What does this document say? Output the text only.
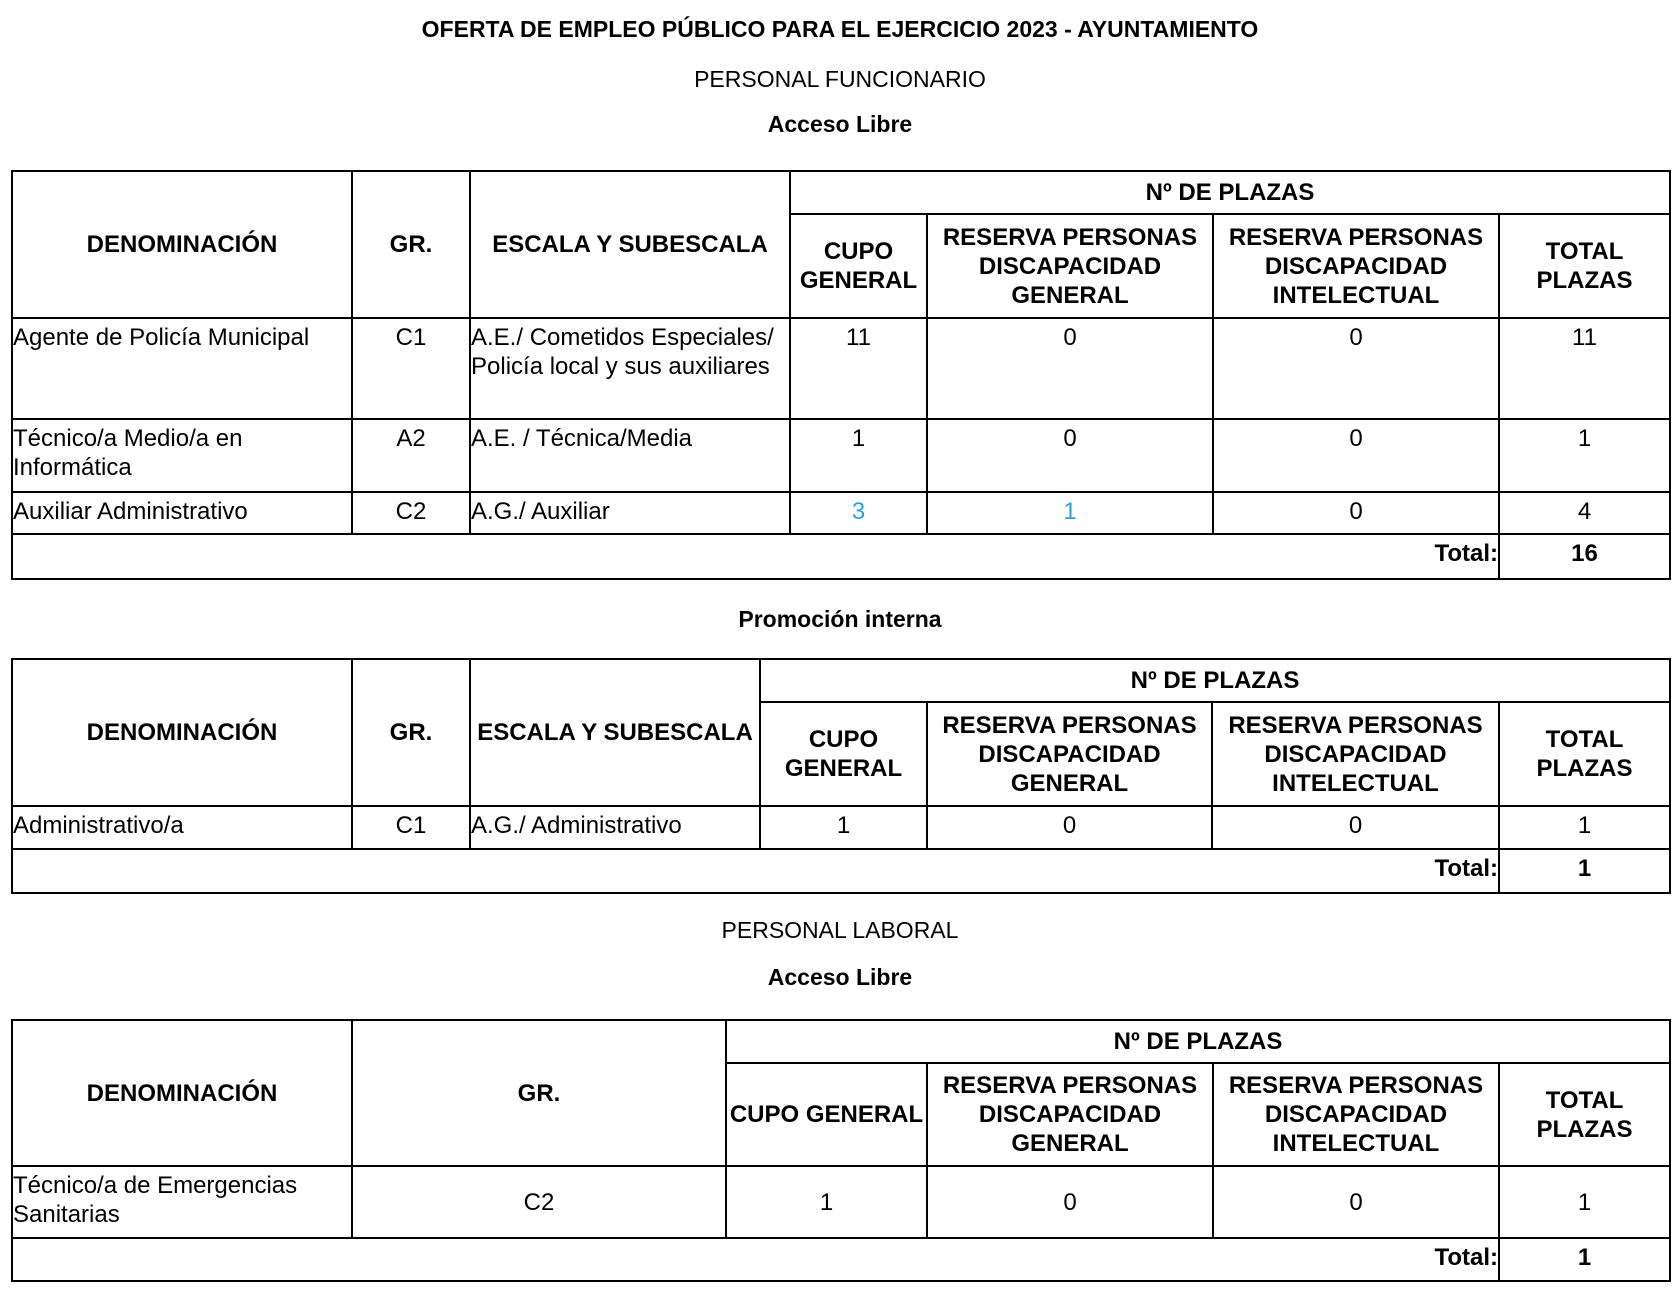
OFERTA DE EMPLEO PÚBLICO PARA EL EJERCICIO 2023 - AYUNTAMIENTO
PERSONAL FUNCIONARIO
Acceso Libre
DENOMINACIÓN	GR.	ESCALA Y SUBESCALA	Nº DE PLAZAS			
			CUPO GENERAL	RESERVA PERSONAS DISCAPACIDAD GENERAL	RESERVA PERSONAS DISCAPACIDAD INTELECTUAL	TOTAL PLAZAS
Agente de Policía Municipal	C1	A.E./ Cometidos Especiales/ Policía local y sus auxiliares	11	0	0	11
Técnico/a Medio/a en Informática	A2	A.E. / Técnica/Media	1	0	0	1
Auxiliar Administrativo	C2	A.G./ Auxiliar	3	1	0	4
Total:						16
Promoción interna
DENOMINACIÓN	GR.	ESCALA Y SUBESCALA	Nº DE PLAZAS			
			CUPO GENERAL	RESERVA PERSONAS DISCAPACIDAD GENERAL	RESERVA PERSONAS DISCAPACIDAD INTELECTUAL	TOTAL PLAZAS
Administrativo/a	C1	A.G./ Administrativo	1	0	0	1
Total:						1
PERSONAL LABORAL
Acceso Libre
DENOMINACIÓN	GR.	Nº DE PLAZAS			
		CUPO GENERAL	RESERVA PERSONAS DISCAPACIDAD GENERAL	RESERVA PERSONAS DISCAPACIDAD INTELECTUAL	TOTAL PLAZAS
Técnico/a de Emergencias Sanitarias	C2	1	0	0	1
Total:					1
